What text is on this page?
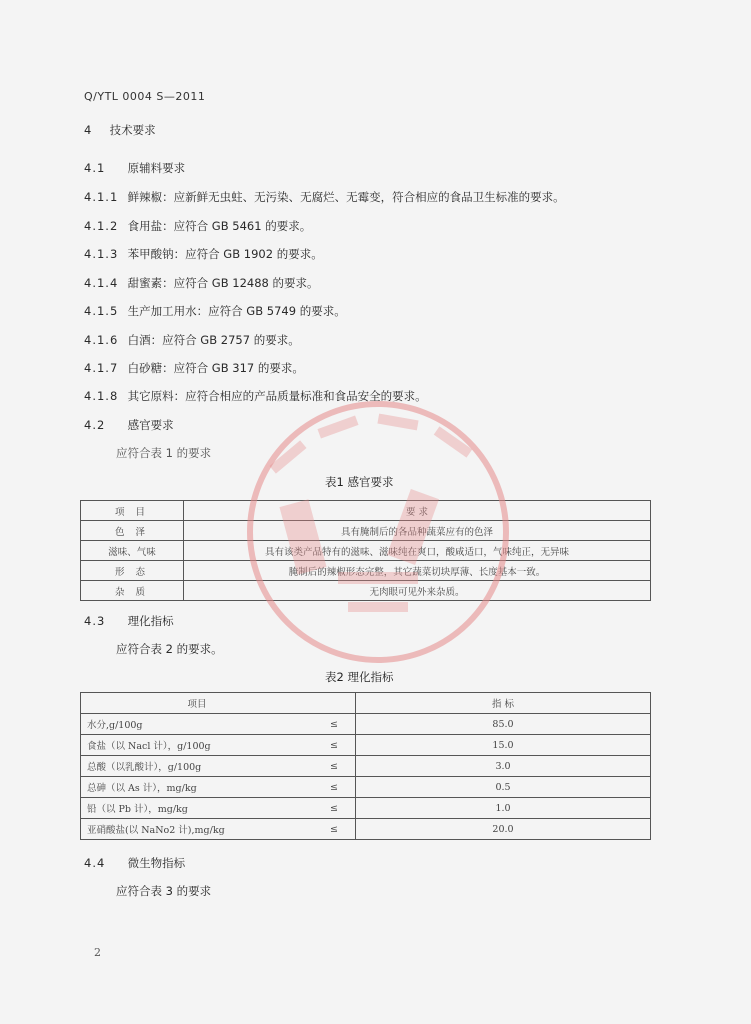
Q/YTL 0004 S—2011
4 技术要求
4.1 原辅料要求
4.1.1 鲜辣椒：应新鲜无虫蛀、无污染、无腐烂、无霉变，符合相应的食品卫生标准的要求。
4.1.2 食用盐：应符合 GB 5461 的要求。
4.1.3 苯甲酸钠：应符合 GB 1902 的要求。
4.1.4 甜蜜素：应符合 GB 12488 的要求。
4.1.5 生产加工用水：应符合 GB 5749 的要求。
4.1.6 白酒：应符合 GB 2757 的要求。
4.1.7 白砂糖：应符合 GB 317 的要求。
4.1.8 其它原料：应符合相应的产品质量标准和食品安全的要求。
4.2 感官要求
应符合表 1 的要求
表1 感官要求
项 目	要 求
色 泽	具有腌制后的各品种蔬菜应有的色泽
滋味、气味	具有该类产品特有的滋味、滋味纯在爽口，酸咸适口，气味纯正，无异味
形 态	腌制后的辣椒形态完整，其它蔬菜切块厚薄、长度基本一致。
杂 质	无肉眼可见外来杂质。
4.3 理化指标
应符合表 2 的要求。
表2 理化指标
项目		指 标
水分,g/100g	≤	85.0
食盐（以 Nacl 计），g/100g	≤	15.0
总酸（以乳酸计），g/100g	≤	3.0
总砷（以 As 计），mg/kg	≤	0.5
铅（以 Pb 计），mg/kg	≤	1.0
亚硝酸盐(以 NaNo2 计),mg/kg	≤	20.0
4.4 微生物指标
应符合表 3 的要求
2
